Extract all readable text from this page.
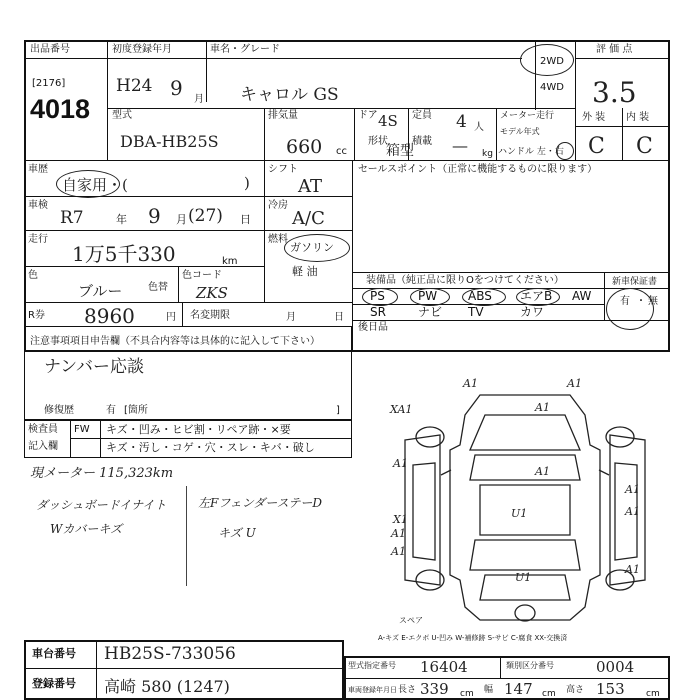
出品番号
[2176]
4018
初度登録年月
H24 9 月
車名・グレード
キャロル GS
2WD
4WD
評 価 点
3.5
型式
DBA-HB25S
排気量
660 cc
ドア 4S
形状
箱型
定員 4 人
積載 — kg
メーター走行
モデル年式
ハンドル 左・右
外 装 内 装
C C
車歴
自家用・(	)
シフト
AT
車検
R7	年 9 月 (27) 日
冷房
A/C
走行
1万5千330	km
燃料
ガソリン
軽 油
色
ブルー	色替
色コード
ZKS
R券 8960	円 名変期限	月	日
セールスポイント（正常に機能するものに限ります）
装備品（純正品に限りOをつけてください）	新車保証書
有 ・ 無
後日品
注意事項項目申告欄（不具合内容等は具体的に記入して下さい）
ナンバー応談
修復歴	有 [箇所	]
検査員
記入欄
FW キズ・凹み・ヒビ割・リペア跡・×要
キズ・汚し・コゲ・穴・スレ・キバ・破し
現メーター 115,323km
ダッシュボードイナイト
Wカバーキズ
左FフェンダーステーD
キズ U
A1	A1
XA1
A1
X1
A1
A1
U1
U1
A1
A1
A1
A1
A1
スペア
A-キズ E-エクボ U-凹み W-補修跡 S-サビ C-腐食 XX-交換済
車台番号 HB25S-733056
登録番号 高崎 580 (1247)
型式指定番号 16404	類別区分番号	0004
車両登録年月日 長さ 339 cm 幅 147 cm 高さ 153 cm
PS	PW	ABS エアB AW
SR	ナビ TV	カワ
